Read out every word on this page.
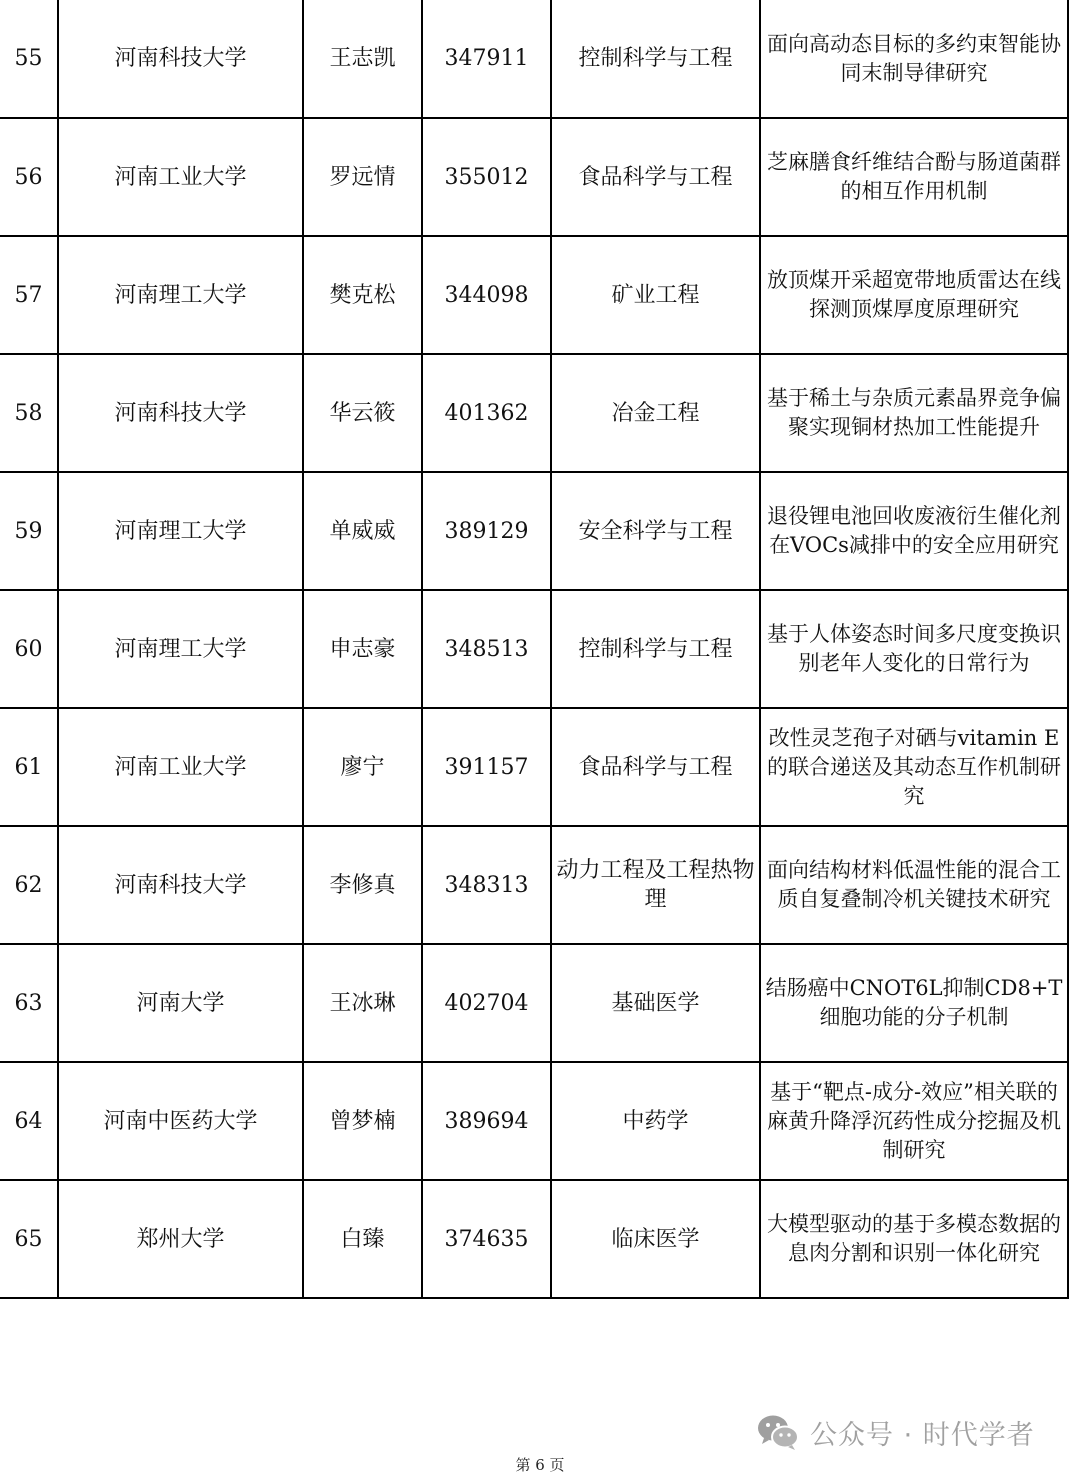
55	河南科技大学	王志凯	347911	控制科学与工程	面向高动态目标的多约束智能协同末制导律研究
56	河南工业大学	罗远情	355012	食品科学与工程	芝麻膳食纤维结合酚与肠道菌群的相互作用机制
57	河南理工大学	樊克松	344098	矿业工程	放顶煤开采超宽带地质雷达在线探测顶煤厚度原理研究
58	河南科技大学	华云筱	401362	冶金工程	基于稀土与杂质元素晶界竞争偏聚实现铜材热加工性能提升
59	河南理工大学	单威威	389129	安全科学与工程	退役锂电池回收废液衍生催化剂在VOCs减排中的安全应用研究
60	河南理工大学	申志豪	348513	控制科学与工程	基于人体姿态时间多尺度变换识别老年人变化的日常行为
61	河南工业大学	廖宁	391157	食品科学与工程	改性灵芝孢子对硒与vitamin E的联合递送及其动态互作机制研究
62	河南科技大学	李修真	348313	动力工程及工程热物理	面向结构材料低温性能的混合工质自复叠制冷机关键技术研究
63	河南大学	王冰琳	402704	基础医学	结肠癌中CNOT6L抑制CD8+T细胞功能的分子机制
64	河南中医药大学	曾梦楠	389694	中药学	基于“靶点-成分-效应”相关联的麻黄升降浮沉药性成分挖掘及机制研究
65	郑州大学	白臻	374635	临床医学	大模型驱动的基于多模态数据的息肉分割和识别一体化研究
公众号 · 时代学者
第 6 页
